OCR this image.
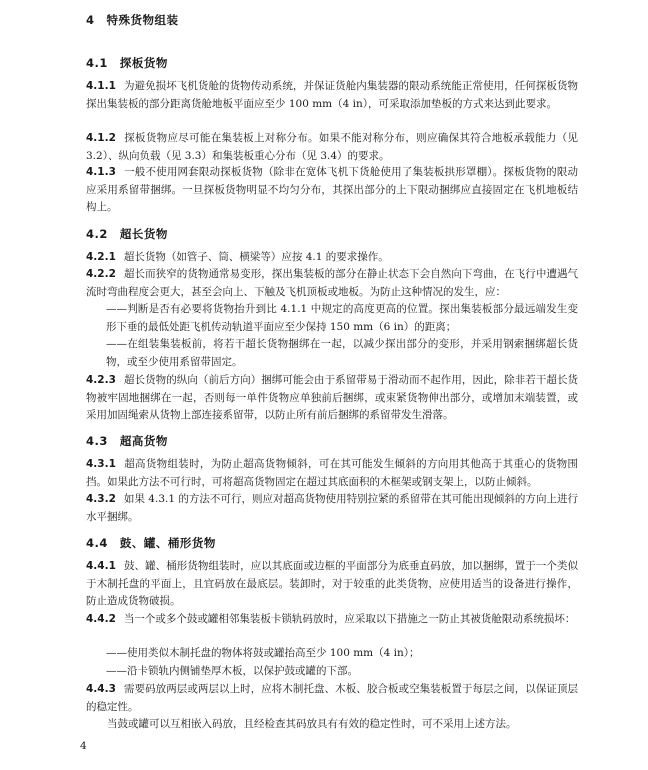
4 特殊货物组装
4.1 探板货物
4.1.1 为避免损坏飞机货舱的货物传动系统，并保证货舱内集装器的限动系统能正常使用，任何探板货物探出集装板的部分距离货舱地板平面应至少 100 mm（4 in），可采取添加垫板的方式来达到此要求。
4.1.2 探板货物应尽可能在集装板上对称分布。如果不能对称分布，则应确保其符合地板承载能力（见 3.2）、纵向负载（见 3.3）和集装板重心分布（见 3.4）的要求。
4.1.3 一般不使用网套限动探板货物（除非在宽体飞机下货舱使用了集装板拱形罩棚）。探板货物的限动应采用系留带捆绑。一旦探板货物明显不均匀分布，其探出部分的上下限动捆绑应直接固定在飞机地板结构上。
4.2 超长货物
4.2.1 超长货物（如管子、筒、横梁等）应按 4.1 的要求操作。
4.2.2 超长而狭窄的货物通常易变形，探出集装板的部分在静止状态下会自然向下弯曲，在飞行中遭遇气流时弯曲程度会更大，甚至会向上、下触及飞机顶板或地板。为防止这种情况的发生，应：
——判断是否有必要将货物抬升到比 4.1.1 中规定的高度更高的位置。探出集装板部分最远端发生变形下垂的最低处距飞机传动轨道平面应至少保持 150 mm（6 in）的距离；
——在组装集装板前，将若干超长货物捆绑在一起，以减少探出部分的变形，并采用钢索捆绑超长货物，或至少使用系留带固定。
4.2.3 超长货物的纵向（前后方向）捆绑可能会由于系留带易于滑动而不起作用，因此，除非若干超长货物被牢固地捆绑在一起，否则每一单件货物应单独前后捆绑，或束紧货物伸出部分，或增加末端装置，或采用加固绳索从货物上部连接系留带，以防止所有前后捆绑的系留带发生滑落。
4.3 超高货物
4.3.1 超高货物组装时，为防止超高货物倾斜，可在其可能发生倾斜的方向用其他高于其重心的货物围挡。如果此方法不可行时，可将超高货物固定在超过其底面积的木框架或钢支架上，以防止倾斜。
4.3.2 如果 4.3.1 的方法不可行，则应对超高货物使用特别拉紧的系留带在其可能出现倾斜的方向上进行水平捆绑。
4.4 鼓、罐、桶形货物
4.4.1 鼓、罐、桶形货物组装时，应以其底面或边框的平面部分为底垂直码放，加以捆绑，置于一个类似于木制托盘的平面上，且宜码放在最底层。装卸时，对于较重的此类货物，应使用适当的设备进行操作，防止造成货物破损。
4.4.2 当一个或多个鼓或罐相邻集装板卡锁轨码放时，应采取以下措施之一防止其被货舱限动系统损坏：
——使用类似木制托盘的物体将鼓或罐抬高至少 100 mm（4 in）；
——沿卡锁轨内侧铺垫厚木板，以保护鼓或罐的下部。
4.4.3 需要码放两层或两层以上时，应将木制托盘、木板、胶合板或空集装板置于每层之间，以保证顶层的稳定性。
当鼓或罐可以互相嵌入码放，且经检查其码放具有有效的稳定性时，可不采用上述方法。
4
